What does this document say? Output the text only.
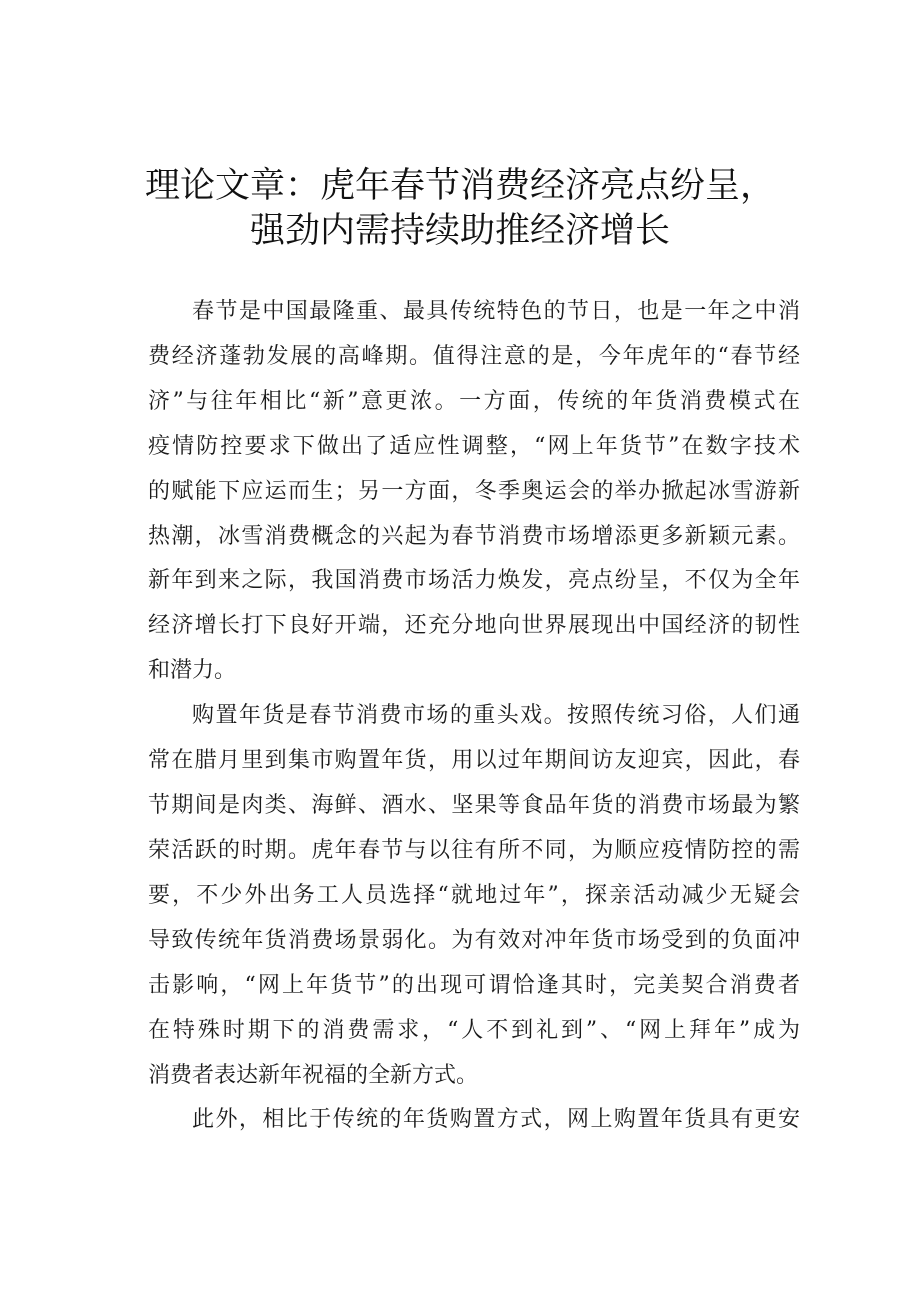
理论文章：虎年春节消费经济亮点纷呈，
强劲内需持续助推经济增长
春节是中国最隆重、最具传统特色的节日，也是一年之中消
费经济蓬勃发展的高峰期。值得注意的是，今年虎年的“春节经
济”与往年相比“新”意更浓。一方面，传统的年货消费模式在
疫情防控要求下做出了适应性调整，“网上年货节”在数字技术
的赋能下应运而生；另一方面，冬季奥运会的举办掀起冰雪游新
热潮，冰雪消费概念的兴起为春节消费市场增添更多新颖元素。
新年到来之际，我国消费市场活力焕发，亮点纷呈，不仅为全年
经济增长打下良好开端，还充分地向世界展现出中国经济的韧性
和潜力。
购置年货是春节消费市场的重头戏。按照传统习俗，人们通
常在腊月里到集市购置年货，用以过年期间访友迎宾，因此，春
节期间是肉类、海鲜、酒水、坚果等食品年货的消费市场最为繁
荣活跃的时期。虎年春节与以往有所不同，为顺应疫情防控的需
要，不少外出务工人员选择“就地过年”，探亲活动减少无疑会
导致传统年货消费场景弱化。为有效对冲年货市场受到的负面冲
击影响，“网上年货节”的出现可谓恰逢其时，完美契合消费者
在特殊时期下的消费需求，“人不到礼到”、“网上拜年”成为
消费者表达新年祝福的全新方式。
此外，相比于传统的年货购置方式，网上购置年货具有更安
